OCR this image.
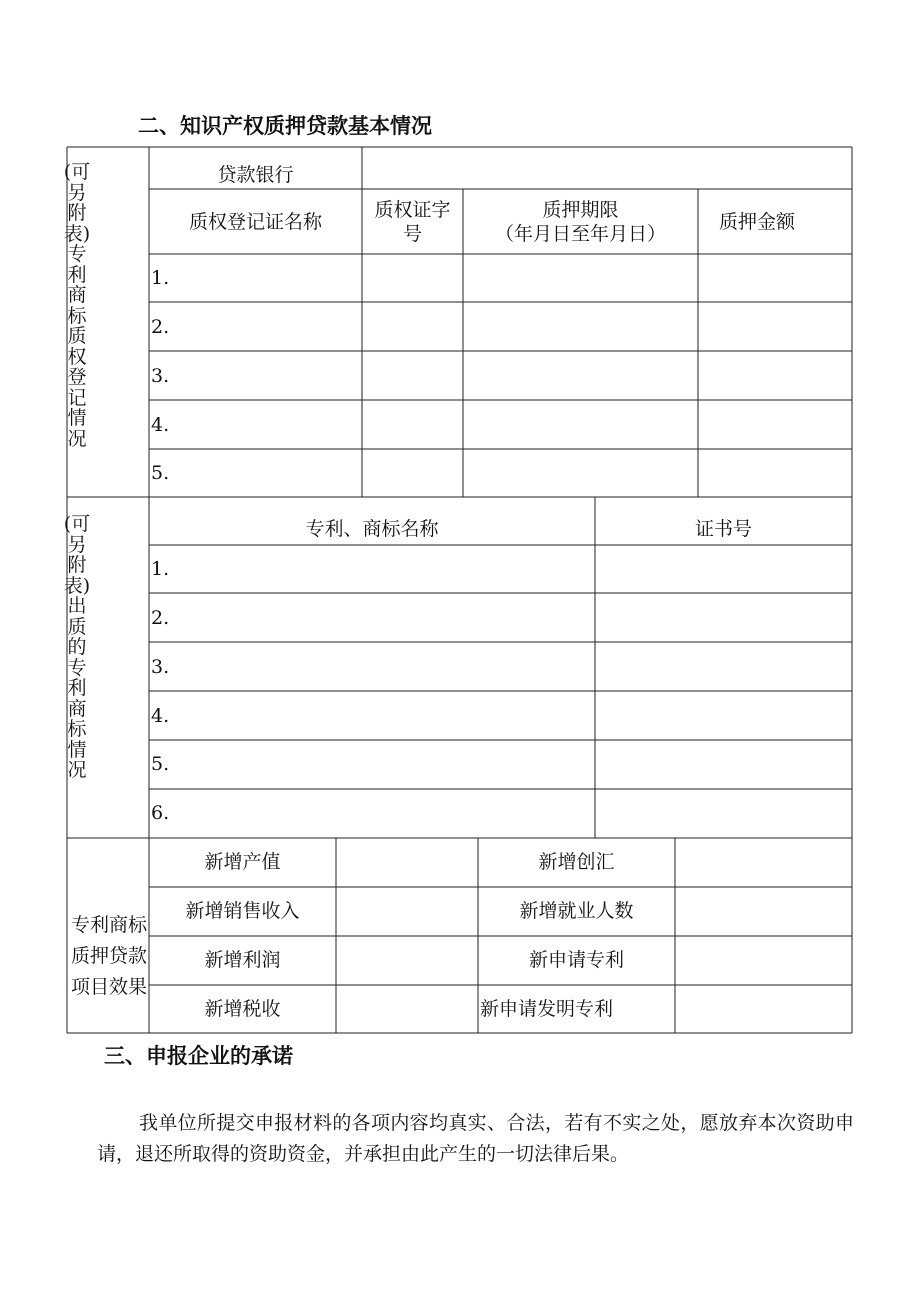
二、知识产权质押贷款基本情况
(可另附表)专利商标质权登记情况
贷款银行
质权登记证名称
质权证字
号
质押期限
（年月日至年月日）
质押金额
1.
2.
3.
4.
5.
(可另附表)出质的专利商标情况
专利、商标名称	证书号
1.
2.
3.
4.
5.
6.
专利商标质押贷款项目效果
新增产值
新增销售收入
新增利润
新增税收
新增创汇
新增就业人数
新申请专利
新申请发明专利
三、申报企业的承诺
我单位所提交申报材料的各项内容均真实、合法，若有不实之处，愿放弃本次资助申请，退还所取得的资助资金，并承担由此产生的一切法律后果。
